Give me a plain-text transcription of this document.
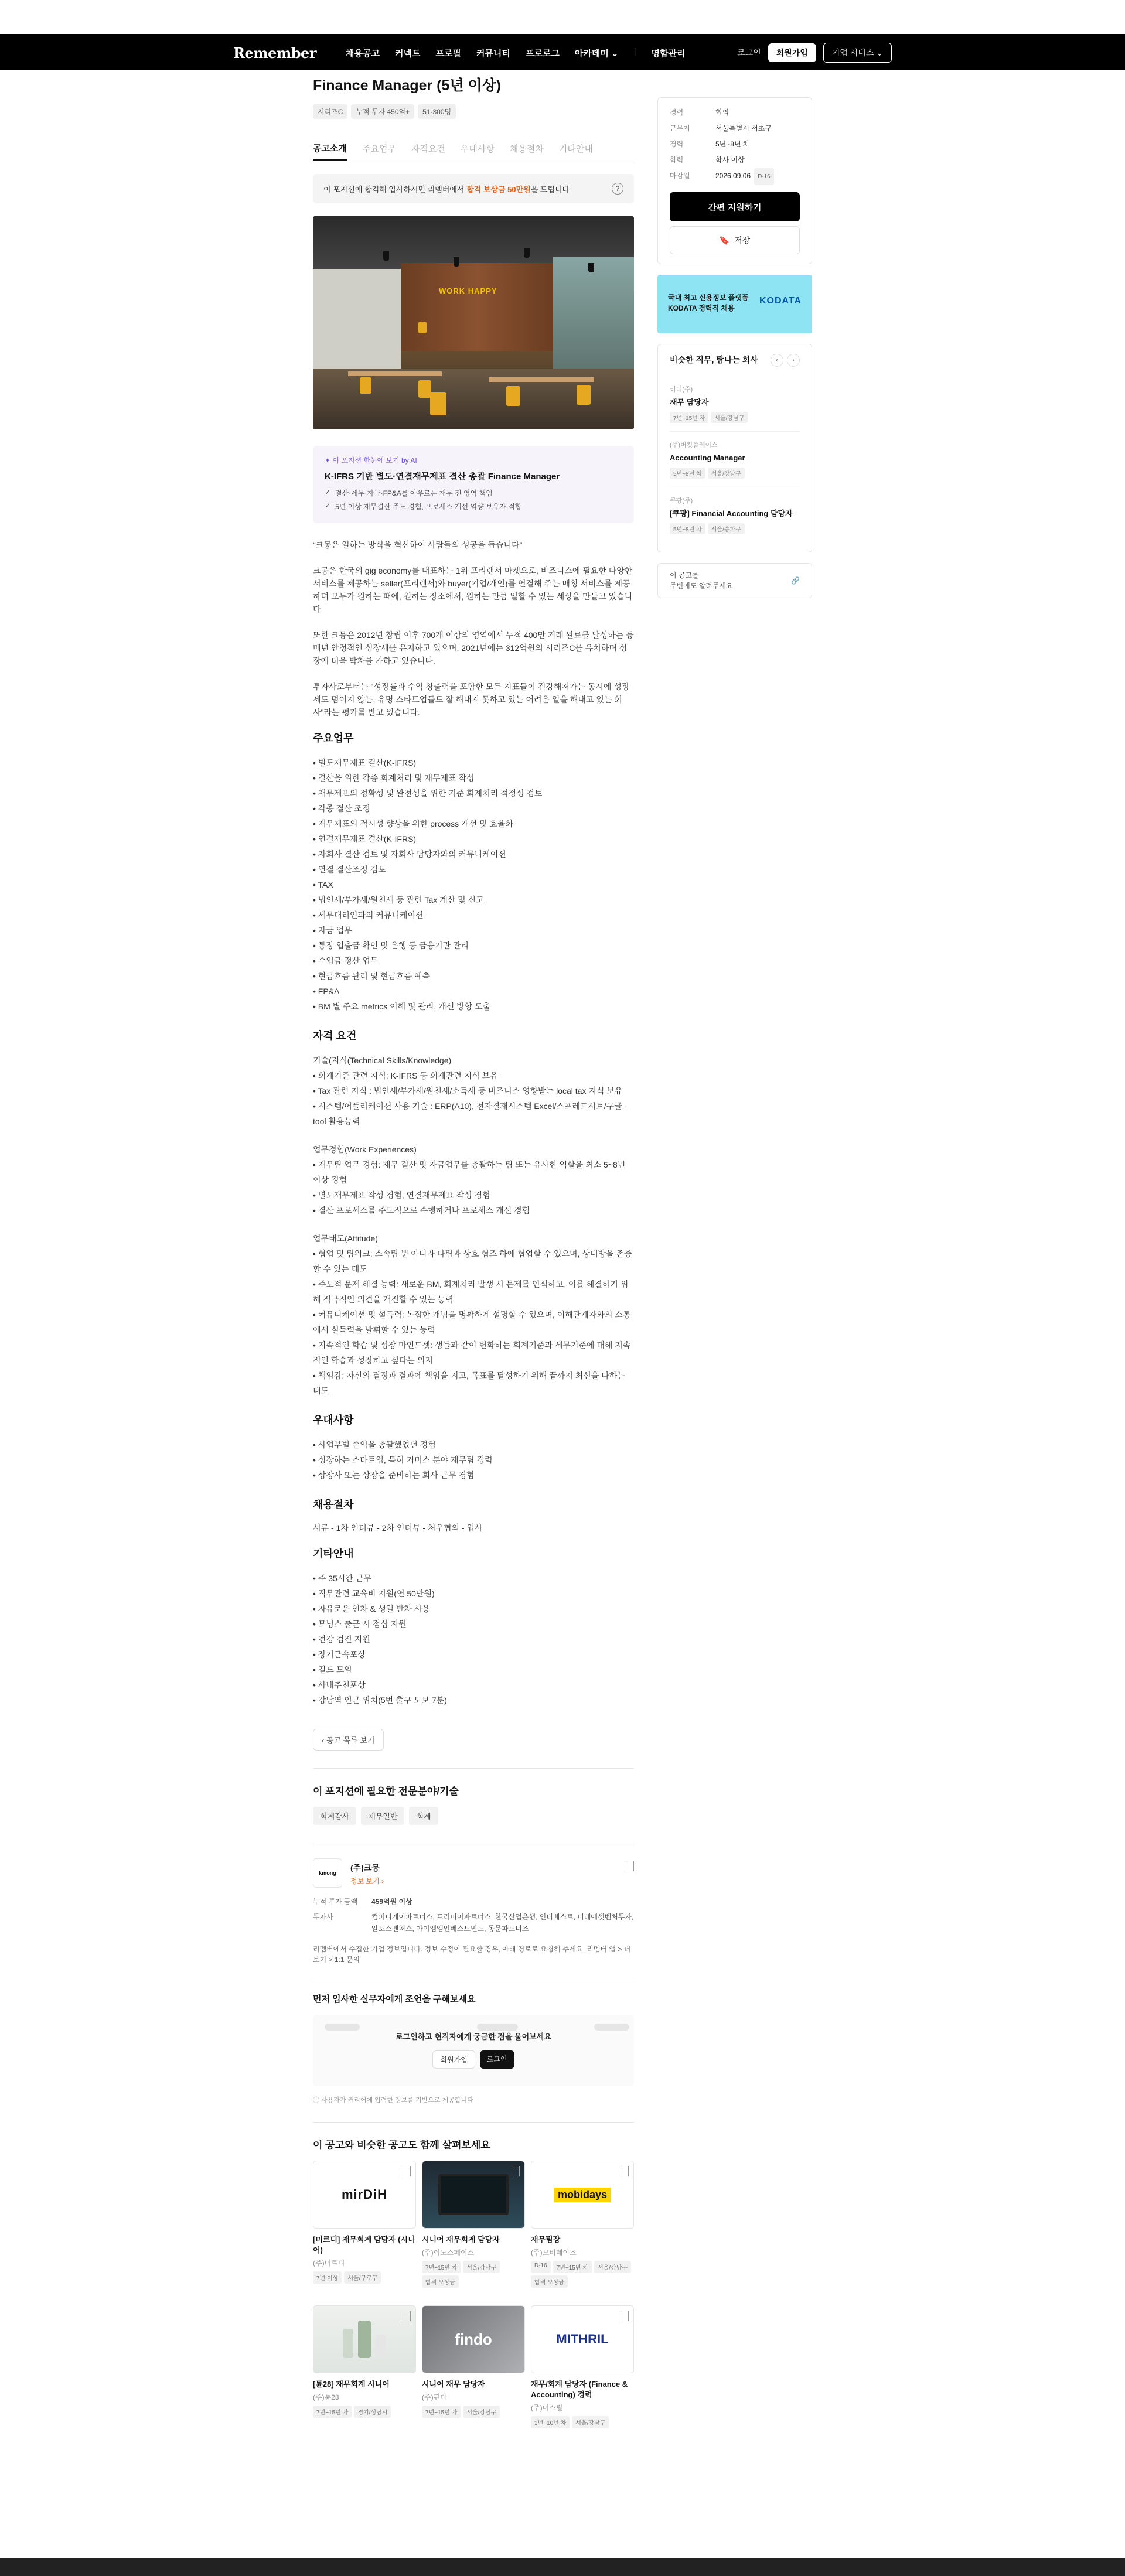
Remember	채용공고 커넥트 프로필 커뮤니티 프로로그 아카데미 ⌄ | 명함관리	로그인	회원가입	기업 서비스 ⌄
Finance Manager (5년 이상)
시리즈C	누적 투자 450억+	51-300명
공고소개 주요업무 자격요건 우대사항 채용절차 기타안내
이 포지션에 합격해 입사하시면 리멤버에서 합격 보상금 50만원을 드립니다	?
WORK HAPPY
✦ 이 포지션 한눈에 보기 by AI
K-IFRS 기반 별도·연결재무제표 결산 총괄 Finance Manager
✓ 결산·세무·자금·FP&A를 아우르는 재무 전 영역 책임
✓ 5년 이상 재무결산 주도 경험, 프로세스 개선 역량 보유자 적합

“크몽은 일하는 방식을 혁신하여 사람들의 성공을 돕습니다”

크몽은 한국의 gig economy를 대표하는 1위 프리랜서 마켓으로, 비즈니스에 필요한 다양한 서비스를 제공하는 seller(프리랜서)와 buyer(기업/개인)를 연결해 주는 매칭 서비스를 제공하며 모두가 원하는 때에, 원하는 장소에서, 원하는 만큼 일할 수 있는 세상을 만들고 있습니다.

또한 크몽은 2012년 창립 이후 700개 이상의 영역에서 누적 400만 거래 완료를 달성하는 등 매년 안정적인 성장세를 유지하고 있으며, 2021년에는 312억원의 시리즈C를 유치하며 성장에 더욱 박차를 가하고 있습니다.

투자사로부터는 "성장률과 수익 창출력을 포함한 모든 지표들이 건강해져가는 동시에 성장세도 멈이지 않는, 유명 스타트업들도 잘 해내지 못하고 있는 어려운 일을 해내고 있는 회사"라는 평가를 받고 있습니다.

주요업무
• 별도재무제표 결산(K-IFRS)
• 결산을 위한 각종 회계처리 및 재무제표 작성
• 재무제표의 정확성 및 완전성을 위한 기준 회계처리 적정성 검토
• 각종 결산 조정
• 재무제표의 적시성 향상을 위한 process 개선 및 효율화
• 연결재무제표 결산(K-IFRS)
• 자회사 결산 검토 및 자회사 담당자와의 커뮤니케이션
• 연결 결산조정 검토
• TAX
• 법인세/부가세/원천세 등 관련 Tax 계산 및 신고
• 세무대리인과의 커뮤니케이션
• 자금 업무
• 통장 입출금 확인 및 은행 등 금융기관 관리
• 수입금 정산 업무
• 현금흐름 관리 및 현금흐름 예측
• FP&A
• BM 별 주요 metrics 이해 및 관리, 개선 방향 도출
자격 요건
기술(지식(Technical Skills/Knowledge)
• 회계기준 관련 지식: K-IFRS 등 회계관련 지식 보유
• Tax 관련 지식 : 법인세/부가세/원천세/소득세 등 비즈니스 영향받는 local tax 지식 보유
• 시스템/어플리케이션 사용 기술 : ERP(A10), 전자결재시스템 Excel/스프레드시트/구글 - tool 활용능력
업무경험(Work Experiences)
• 재무팀 업무 경험: 재무 결산 및 자금업무를 총괄하는 팀 또는 유사한 역할을 최소 5~8년 이상 경험
• 별도재무제표 작성 경험, 연결재무제표 작성 경험
• 결산 프로세스를 주도적으로 수행하거나 프로세스 개선 경험
업무태도(Attitude)
• 협업 및 팀워크: 소속팀 뿐 아니라 타팀과 상호 협조 하에 협업할 수 있으며, 상대방을 존중할 수 있는 태도
• 주도적 문제 해결 능력: 새로운 BM, 회계처리 발생 시 문제를 인식하고, 이를 해결하기 위해 적극적인 의견을 개진할 수 있는 능력
• 커뮤니케이션 및 설득력: 복잡한 개념을 명확하게 설명할 수 있으며, 이해관계자와의 소통에서 설득력을 발휘할 수 있는 능력
• 지속적인 학습 및 성장 마인드셋: 생들과 같이 변화하는 회계기준과 세무기준에 대해 지속적인 학습과 성장하고 싶다는 의지
• 책임감: 자신의 결정과 결과에 책임을 지고, 목표를 달성하기 위해 끝까지 최선을 다하는 태도
우대사항
• 사업부별 손익을 총괄했었던 경험
• 성장하는 스타트업, 특히 커머스 분야 재무팀 경력
• 상장사 또는 상장을 준비하는 회사 근무 경험
채용절차

서류 - 1차 인터뷰 - 2차 인터뷰 - 처우협의 - 입사

기타안내
• 주 35시간 근무
• 직무관련 교육비 지원(연 50만원)
• 자유로운 연차 & 생일 반차 사용
• 모닝스 출근 시 점심 지원
• 건강 검진 지원
• 장기근속포상
• 길드 모임
• 사내추천포상
• 강남역 인근 위치(5번 출구 도보 7분)
‹ 공고 목록 보기
이 포지션에 필요한 전문분야/기술
회계감사	재무일반	회계
kmong
(주)크몽
정보 보기 ›
누적 투자 금액	459억원 이상
투자사	컴퍼니케이파트너스, 프리미어파트너스, 한국산업은행, 인터베스트, 미래에셋벤처투자, 알토스벤처스, 아이엠엠인베스트먼트, 동문파트너즈
리멤버에서 수집한 기업 정보입니다. 정보 수정이 필요할 경우, 아래 경로로 요청해 주세요. 리멤버 앱 > 더보기 > 1:1 문의
먼저 입사한 실무자에게 조언을 구해보세요
로그인하고 현직자에게 궁금한 점을 물어보세요
회원가입	로그인
ⓘ 사용자가 커리어에 입력한 정보를 기반으로 제공합니다
이 공고와 비슷한 공고도 함께 살펴보세요
mirDiH
[미르디] 재무회계 담당자 (시니어)
(주)미르디
7년 이상	서울/구로구
시니어 재무회계 담당자
(주)이노스페이스
7년~15년 차	서울/강남구
합격 보상금
mobidays
재무팀장
(주)모비데이즈
D-16	7년~15년 차	서울/강남구
합격 보상금
[튠28] 재무회계 시니어
(주)튠28
7년~15년 차	경기/성남시
findo
시니어 재무 담당자
(주)핀다
7년~15년 차	서울/강남구
MITHRIL
재무/회계 담당자 (Finance & Accounting) 경력
(주)미스릴
3년~10년 차	서울/강남구
경력	협의
근무지	서울특별시 서초구
경력	5년~8년 차
학력	학사 이상
마감일	2026.09.06	D-16
간편 지원하기
🔖 저장
국내 최고 신용정보 플랫폼
KODATA 경력직 채용
KODATA
비슷한 직무, 탐나는 회사	‹	›
리디(주)
재무 담당자
7년~15년 차	서울/강남구
(주)버킷플레이스
Accounting Manager
5년~8년 차	서울/강남구
쿠팡(주)
[쿠팡] Financial Accounting 담당자
5년~8년 차	서울/송파구
이 공고를
주변에도 알려주세요
🔗
